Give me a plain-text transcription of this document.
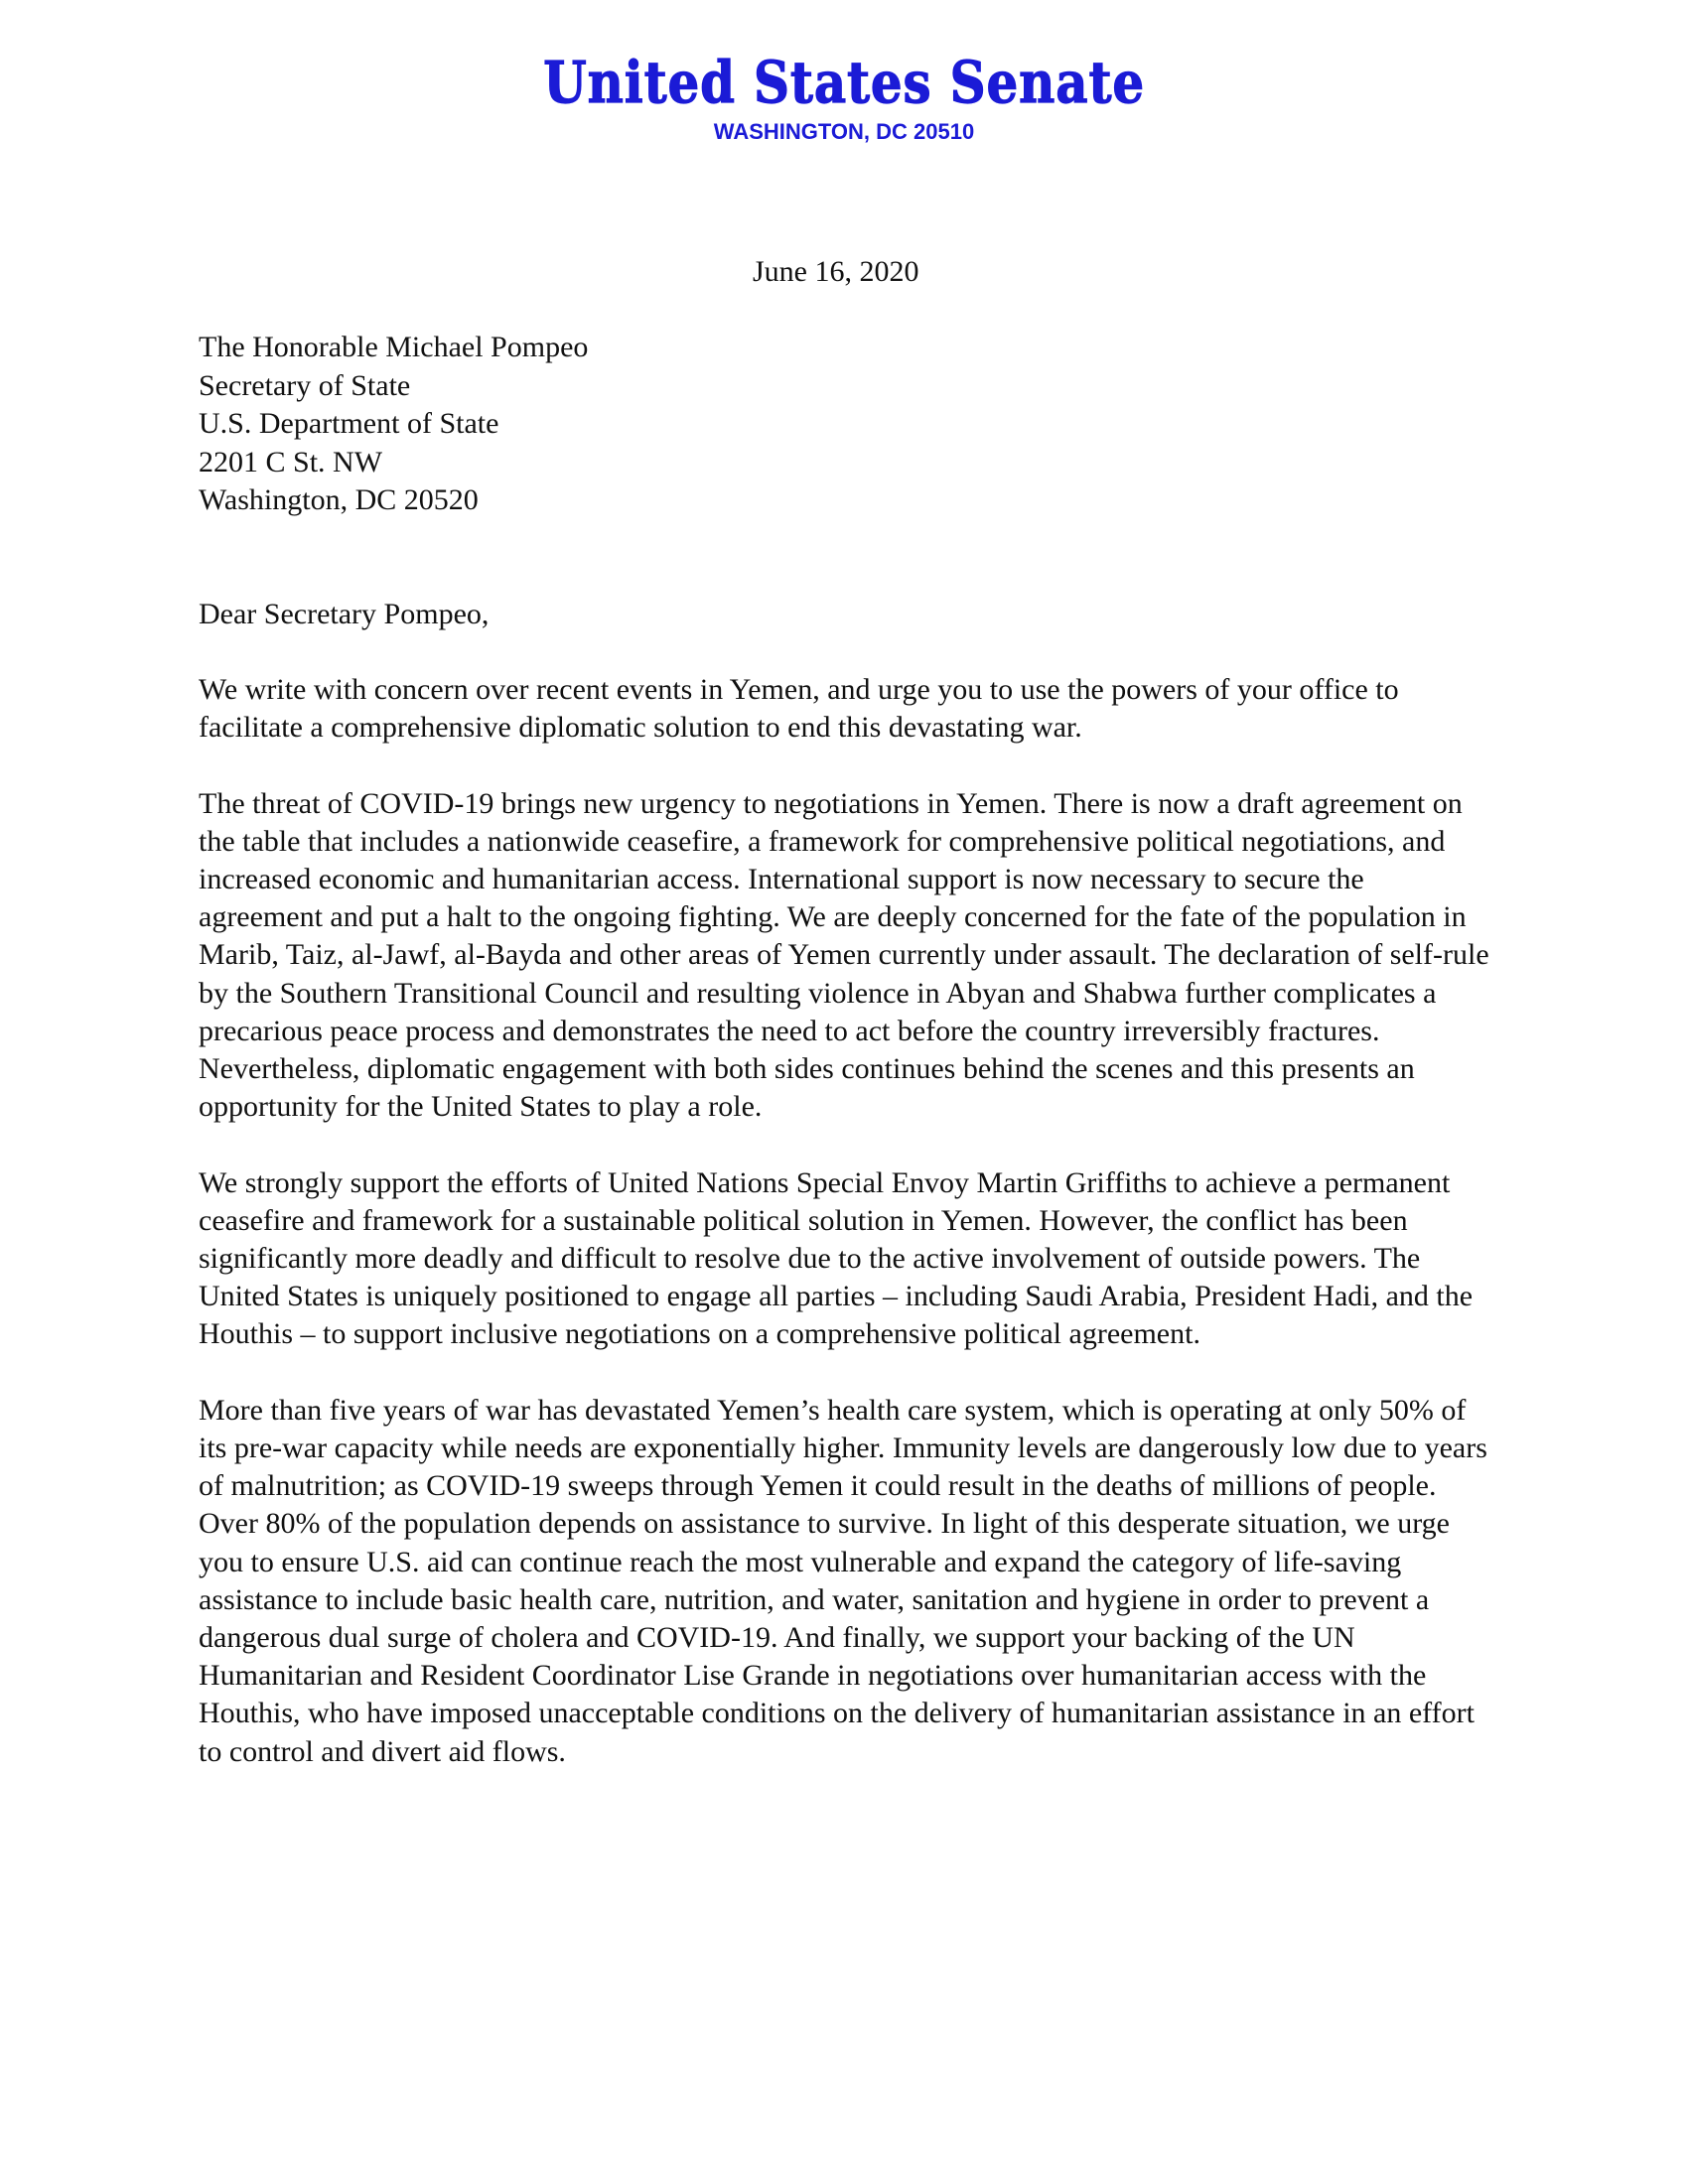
United States Senate
WASHINGTON, DC 20510
June 16, 2020
The Honorable Michael Pompeo
Secretary of State
U.S. Department of State
2201 C St. NW
Washington, DC 20520
Dear Secretary Pompeo,

We write with concern over recent events in Yemen, and urge you to use the powers of your office to facilitate a comprehensive diplomatic solution to end this devastating war.

The threat of COVID-19 brings new urgency to negotiations in Yemen. There is now a draft agreement on the table that includes a nationwide ceasefire, a framework for comprehensive political negotiations, and increased economic and humanitarian access. International support is now necessary to secure the agreement and put a halt to the ongoing fighting. We are deeply concerned for the fate of the population in Marib, Taiz, al-Jawf, al-Bayda and other areas of Yemen currently under assault. The declaration of self-rule by the Southern Transitional Council and resulting violence in Abyan and Shabwa further complicates a precarious peace process and demonstrates the need to act before the country irreversibly fractures. Nevertheless, diplomatic engagement with both sides continues behind the scenes and this presents an opportunity for the United States to play a role.

We strongly support the efforts of United Nations Special Envoy Martin Griffiths to achieve a permanent ceasefire and framework for a sustainable political solution in Yemen. However, the conflict has been significantly more deadly and difficult to resolve due to the active involvement of outside powers. The United States is uniquely positioned to engage all parties – including Saudi Arabia, President Hadi, and the Houthis – to support inclusive negotiations on a comprehensive political agreement.

More than five years of war has devastated Yemen’s health care system, which is operating at only 50% of its pre-war capacity while needs are exponentially higher. Immunity levels are dangerously low due to years of malnutrition; as COVID-19 sweeps through Yemen it could result in the deaths of millions of people. Over 80% of the population depends on assistance to survive. In light of this desperate situation, we urge you to ensure U.S. aid can continue reach the most vulnerable and expand the category of life-saving assistance to include basic health care, nutrition, and water, sanitation and hygiene in order to prevent a dangerous dual surge of cholera and COVID-19. And finally, we support your backing of the UN Humanitarian and Resident Coordinator Lise Grande in negotiations over humanitarian access with the Houthis, who have imposed unacceptable conditions on the delivery of humanitarian assistance in an effort to control and divert aid flows.
